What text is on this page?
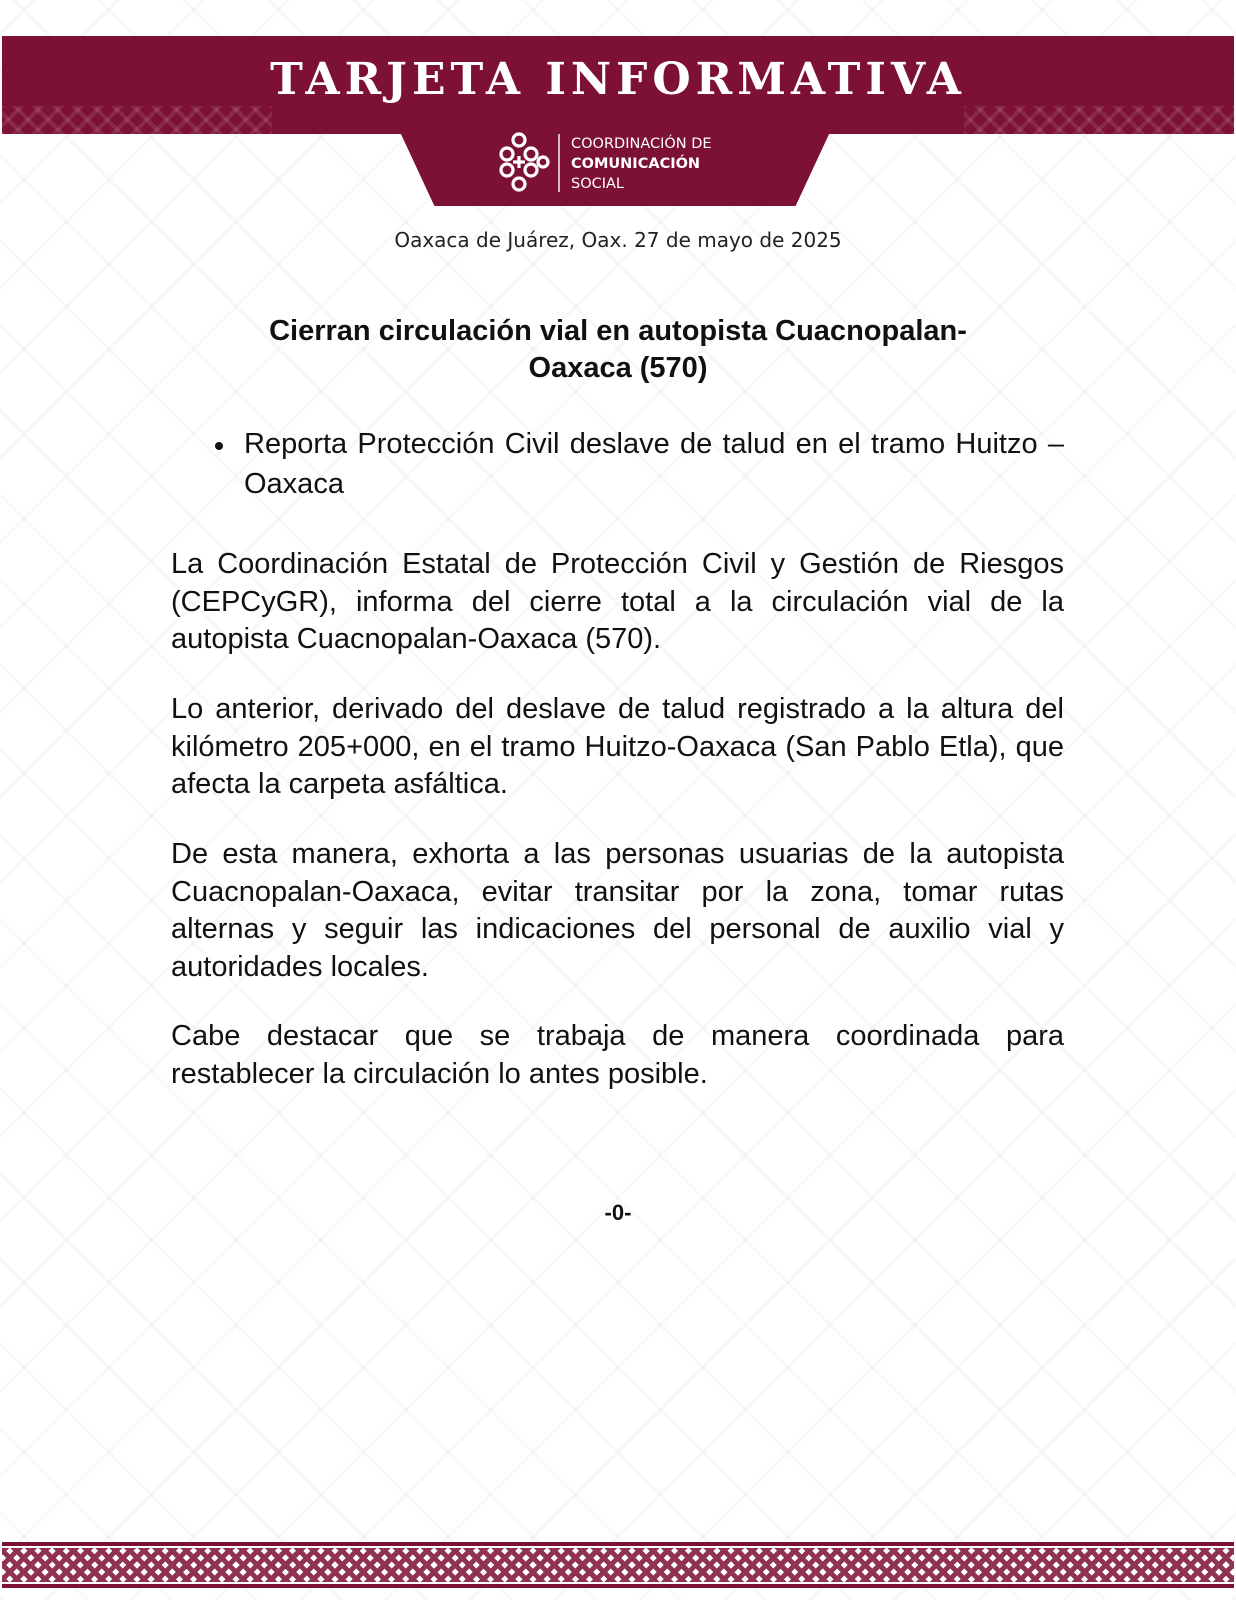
TARJETA INFORMATIVA
COORDINACIÓN DE
COMUNICACIÓN
SOCIAL
Oaxaca de Juárez, Oax. 27 de mayo de 2025
Cierran circulación vial en autopista Cuacnopalan-
Oaxaca (570)
Reporta Protección Civil deslave de talud en el tramo Huitzo – Oaxaca

La Coordinación Estatal de Protección Civil y Gestión de Riesgos (CEPCyGR), informa del cierre total a la circulación vial de la autopista Cuacnopalan-Oaxaca (570).

Lo anterior, derivado del deslave de talud registrado a la altura del kilómetro 205+000, en el tramo Huitzo-Oaxaca (San Pablo Etla), que afecta la carpeta asfáltica.

De esta manera, exhorta a las personas usuarias de la autopista Cuacnopalan-Oaxaca, evitar transitar por la zona, tomar rutas alternas y seguir las indicaciones del personal de auxilio vial y autoridades locales.

Cabe destacar que se trabaja de manera coordinada para restablecer la circulación lo antes posible.

-0-
